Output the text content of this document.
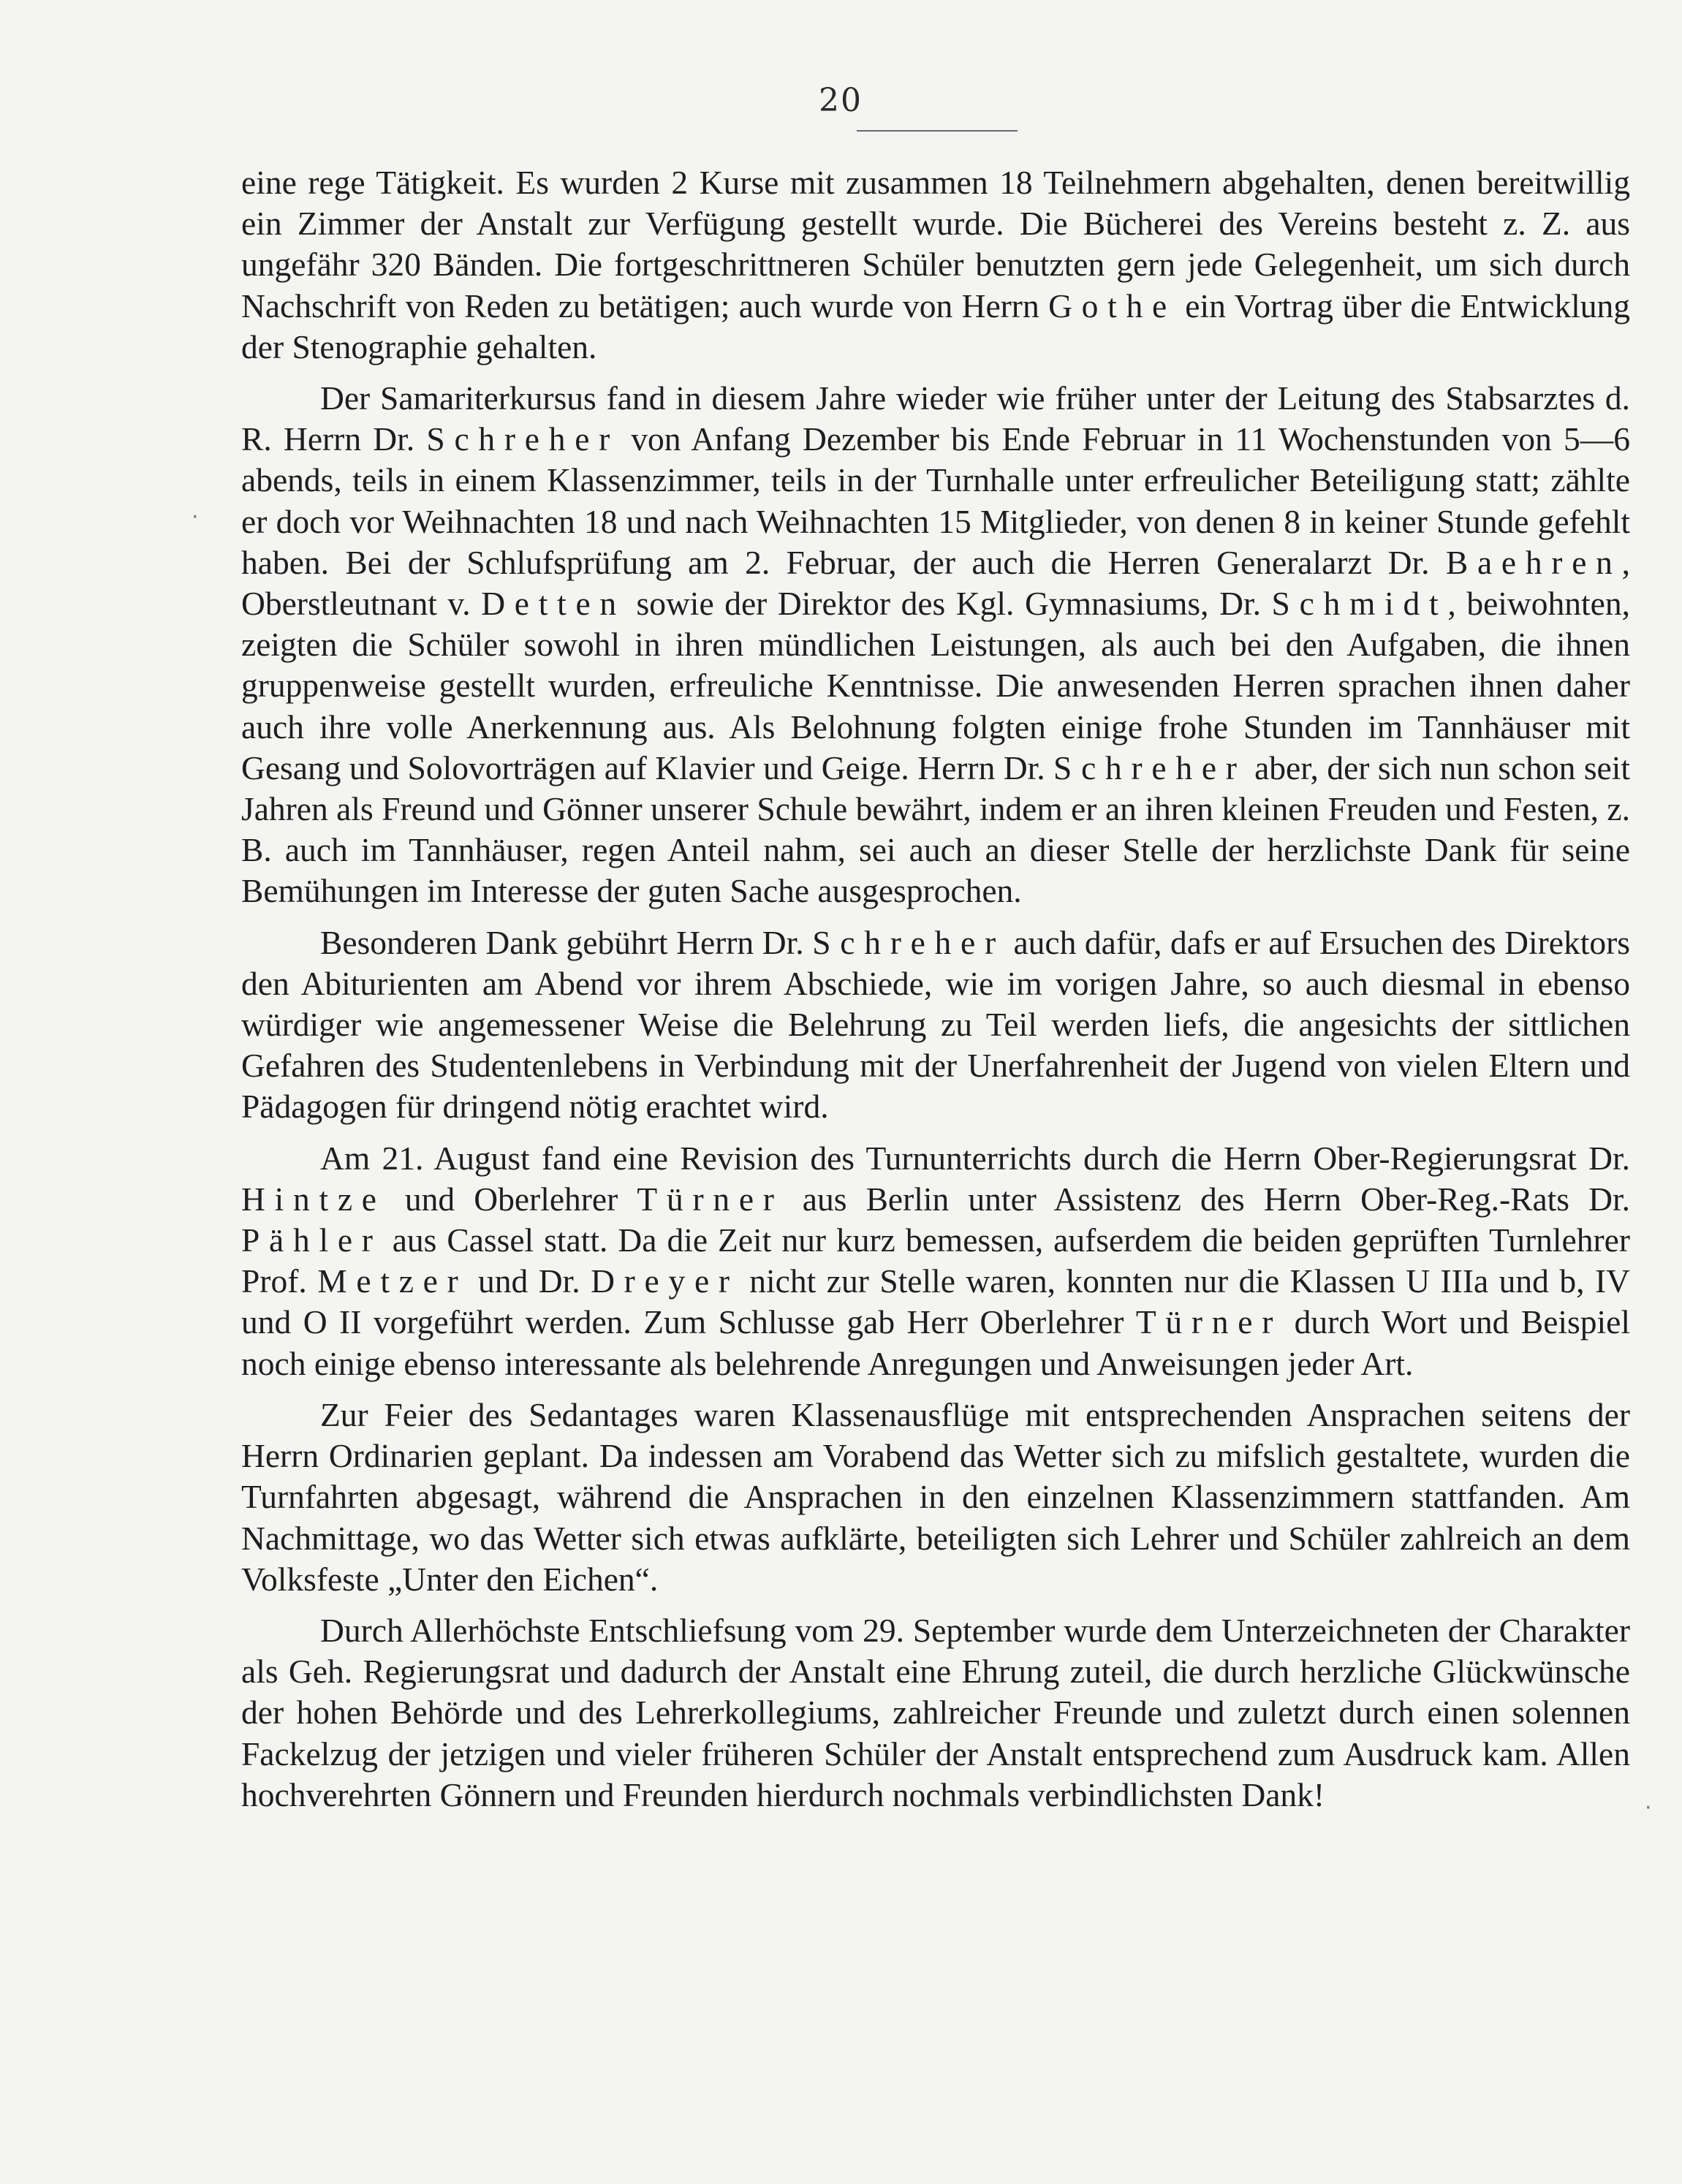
20

eine rege Tätigkeit. Es wurden 2 Kurse mit zusammen 18 Teilnehmern abgehalten, denen bereitwillig ein Zimmer der Anstalt zur Verfügung gestellt wurde. Die Bücherei des Vereins besteht z. Z. aus ungefähr 320 Bänden. Die fortgeschrittneren Schüler benutzten gern jede Gelegenheit, um sich durch Nachschrift von Reden zu betätigen; auch wurde von Herrn Gothe ein Vortrag über die Entwicklung der Stenographie gehalten.

Der Samariterkursus fand in diesem Jahre wieder wie früher unter der Leitung des Stabsarztes d. R. Herrn Dr. Schreher von Anfang Dezember bis Ende Februar in 11 Wochenstunden von 5—6 abends, teils in einem Klassenzimmer, teils in der Turnhalle unter erfreulicher Beteiligung statt; zählte er doch vor Weihnachten 18 und nach Weihnachten 15 Mitglieder, von denen 8 in keiner Stunde gefehlt haben. Bei der Schlufsprüfung am 2. Februar, der auch die Herren Generalarzt Dr. Baehren, Oberstleutnant v. Detten sowie der Direktor des Kgl. Gymnasiums, Dr. Schmidt, beiwohnten, zeigten die Schüler sowohl in ihren mündlichen Leistungen, als auch bei den Aufgaben, die ihnen gruppenweise gestellt wurden, erfreuliche Kenntnisse. Die anwesenden Herren sprachen ihnen daher auch ihre volle Anerkennung aus. Als Belohnung folgten einige frohe Stunden im Tannhäuser mit Gesang und Solovorträgen auf Klavier und Geige. Herrn Dr. Schreher aber, der sich nun schon seit Jahren als Freund und Gönner unserer Schule bewährt, indem er an ihren kleinen Freuden und Festen, z. B. auch im Tannhäuser, regen Anteil nahm, sei auch an dieser Stelle der herzlichste Dank für seine Bemühungen im Interesse der guten Sache ausgesprochen.

Besonderen Dank gebührt Herrn Dr. Schreher auch dafür, dafs er auf Ersuchen des Direktors den Abiturienten am Abend vor ihrem Abschiede, wie im vorigen Jahre, so auch diesmal in ebenso würdiger wie angemessener Weise die Belehrung zu Teil werden liefs, die angesichts der sittlichen Gefahren des Studentenlebens in Verbindung mit der Unerfahrenheit der Jugend von vielen Eltern und Pädagogen für dringend nötig erachtet wird.

Am 21. August fand eine Revision des Turnunterrichts durch die Herrn Ober-Regierungsrat Dr. Hintze und Oberlehrer Türner aus Berlin unter Assistenz des Herrn Ober-Reg.-Rats Dr. Pähler aus Cassel statt. Da die Zeit nur kurz bemessen, aufserdem die beiden geprüften Turnlehrer Prof. Metzer und Dr. Dreyer nicht zur Stelle waren, konnten nur die Klassen U IIIa und b, IV und O II vorgeführt werden. Zum Schlusse gab Herr Oberlehrer Türner durch Wort und Beispiel noch einige ebenso interessante als belehrende Anregungen und Anweisungen jeder Art.

Zur Feier des Sedantages waren Klassenausflüge mit entsprechenden Ansprachen seitens der Herrn Ordinarien geplant. Da indessen am Vorabend das Wetter sich zu mifslich gestaltete, wurden die Turnfahrten abgesagt, während die Ansprachen in den einzelnen Klassenzimmern stattfanden. Am Nachmittage, wo das Wetter sich etwas aufklärte, beteiligten sich Lehrer und Schüler zahlreich an dem Volksfeste „Unter den Eichen“.

Durch Allerhöchste Entschliefsung vom 29. September wurde dem Unterzeichneten der Charakter als Geh. Regierungsrat und dadurch der Anstalt eine Ehrung zuteil, die durch herzliche Glückwünsche der hohen Behörde und des Lehrerkollegiums, zahlreicher Freunde und zuletzt durch einen solennen Fackelzug der jetzigen und vieler früheren Schüler der Anstalt entsprechend zum Ausdruck kam. Allen hochverehrten Gönnern und Freunden hierdurch nochmals verbindlichsten Dank!

·
·
